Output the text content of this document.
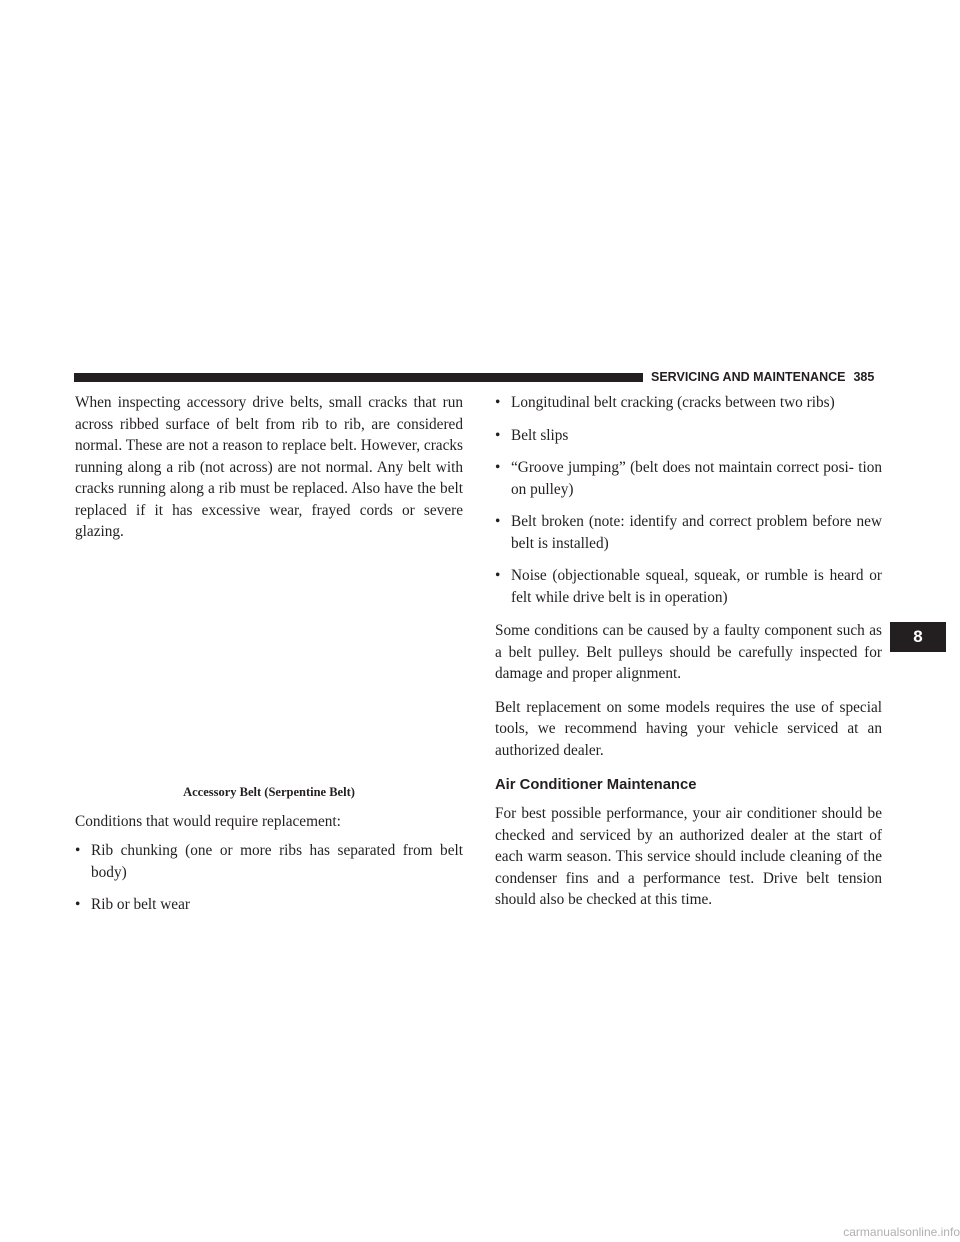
SERVICING AND MAINTENANCE 385

When inspecting accessory drive belts, small cracks that run across ribbed surface of belt from rib to rib, are considered normal. These are not a reason to replace belt. However, cracks running along a rib (not across) are not normal. Any belt with cracks running along a rib must be replaced. Also have the belt replaced if it has excessive wear, frayed cords or severe glazing.

Accessory Belt (Serpentine Belt)

Conditions that would require replacement:

• Rib chunking (one or more ribs has separated from belt body)

• Rib or belt wear

• Longitudinal belt cracking (cracks between two ribs)

• Belt slips

• “Groove jumping” (belt does not maintain correct posi- tion on pulley)

• Belt broken (note: identify and correct problem before new belt is installed)

• Noise (objectionable squeal, squeak, or rumble is heard or felt while drive belt is in operation)

Some conditions can be caused by a faulty component such as a belt pulley. Belt pulleys should be carefully inspected for damage and proper alignment.

Belt replacement on some models requires the use of special tools, we recommend having your vehicle serviced at an authorized dealer.

Air Conditioner Maintenance

For best possible performance, your air conditioner should be checked and serviced by an authorized dealer at the start of each warm season. This service should include cleaning of the condenser fins and a performance test. Drive belt tension should also be checked at this time.

8
carmanualsonline.info
